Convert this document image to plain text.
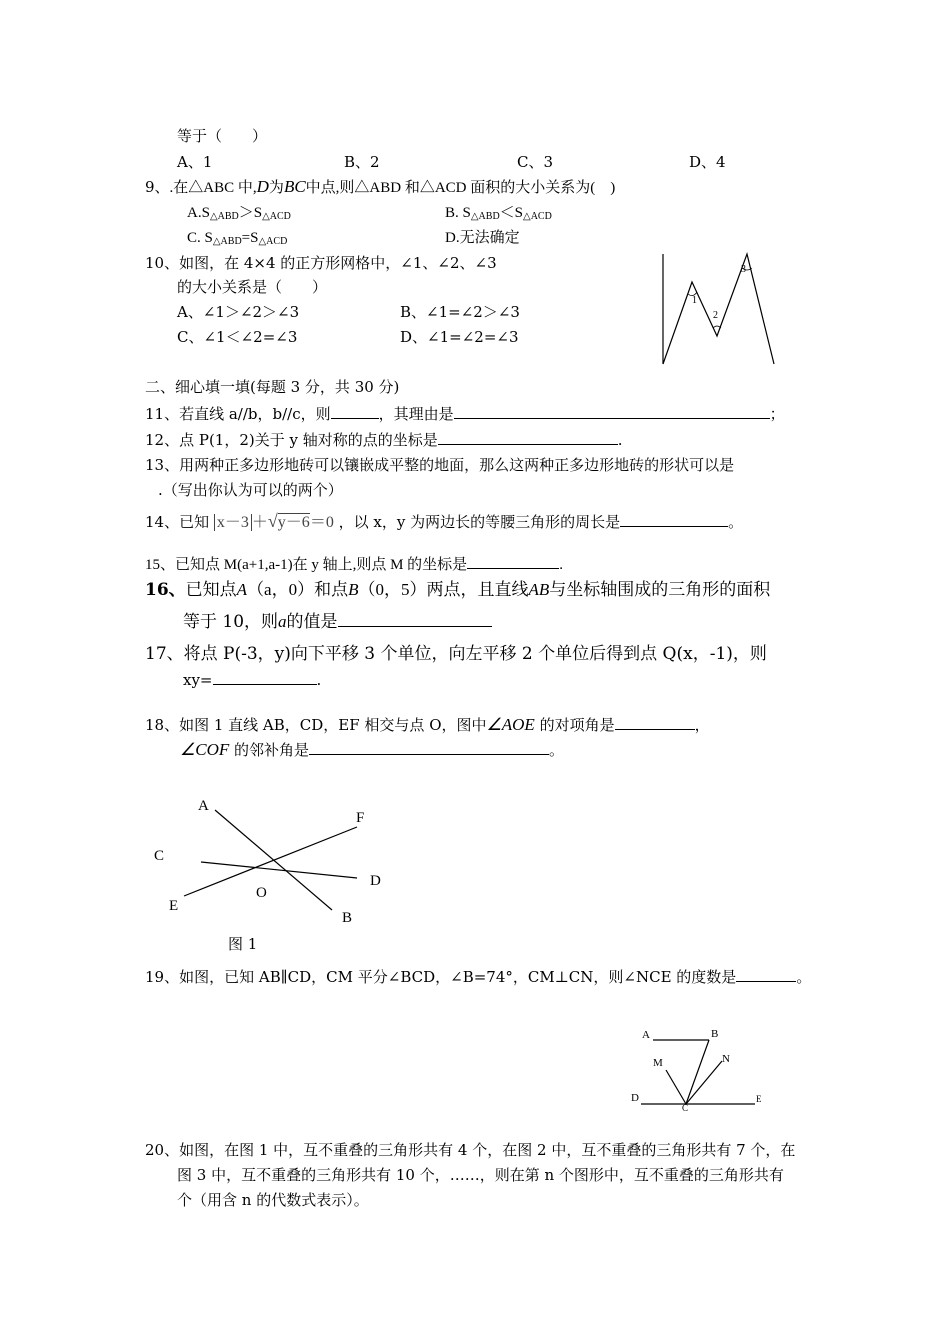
等于（　　）
A、1	B、2	C、3	D、4
9、.在△ABC 中,D为BC中点,则△ABD 和△ACD 面积的大小关系为(　)
$A.S_{\triangle ABD}>S_{\triangle ACD}$	B. $S_{\triangle ABD}<S_{\triangle ACD}$
C. $S_{\triangle ABD}=S_{\triangle ACD}$	D.无法确定
10、如图，在 4×4 的正方形网格中，∠1、∠2、∠3
的大小关系是（　　）
A、∠1＞∠2＞∠3	B、∠1=∠2＞∠3
C、∠1＜∠2=∠3	D、∠1=∠2=∠3
1
2
3
二、细心填一填(每题 3 分，共 30 分)
11、若直线 a//b，b//c，则	，其理由是	；
12、点 P(1，2)关于 y 轴对称的点的坐标是	.
13、用两种正多边形地砖可以镶嵌成平整的地面，那么这两种正多边形地砖的形状可以是
.（写出你认为可以的两个）
14、已知 x－3 ＋√y－6＝0 ，以 x，y 为两边长的等腰三角形的周长是	。
15、已知点 M(a+1,a-1)在 y 轴上,则点 M 的坐标是	.
16、已知点A（a，0）和点B（0，5）两点，且直线AB与坐标轴围成的三角形的面积
等于 10，则a的值是
17、将点 P(-3，y)向下平移 3 个单位，向左平移 2 个单位后得到点 Q(x，-1)，则
xy=	.
18、如图 1 直线 AB，CD，EF 相交与点 O，图中∠AOE 的对项角是	，
∠COF 的邻补角是	。
A
F
C
D
O
E
B
图 1
19、如图，已知 AB∥CD，CM 平分∠BCD，∠B=74°，CM⊥CN，则∠NCE 的度数是	。
A	B
M	N
D
C
E
20、如图，在图 1 中，互不重叠的三角形共有 4 个，在图 2 中，互不重叠的三角形共有 7 个，在
图 3 中，互不重叠的三角形共有 10 个，……，则在第 n 个图形中，互不重叠的三角形共有
个（用含 n 的代数式表示）。
